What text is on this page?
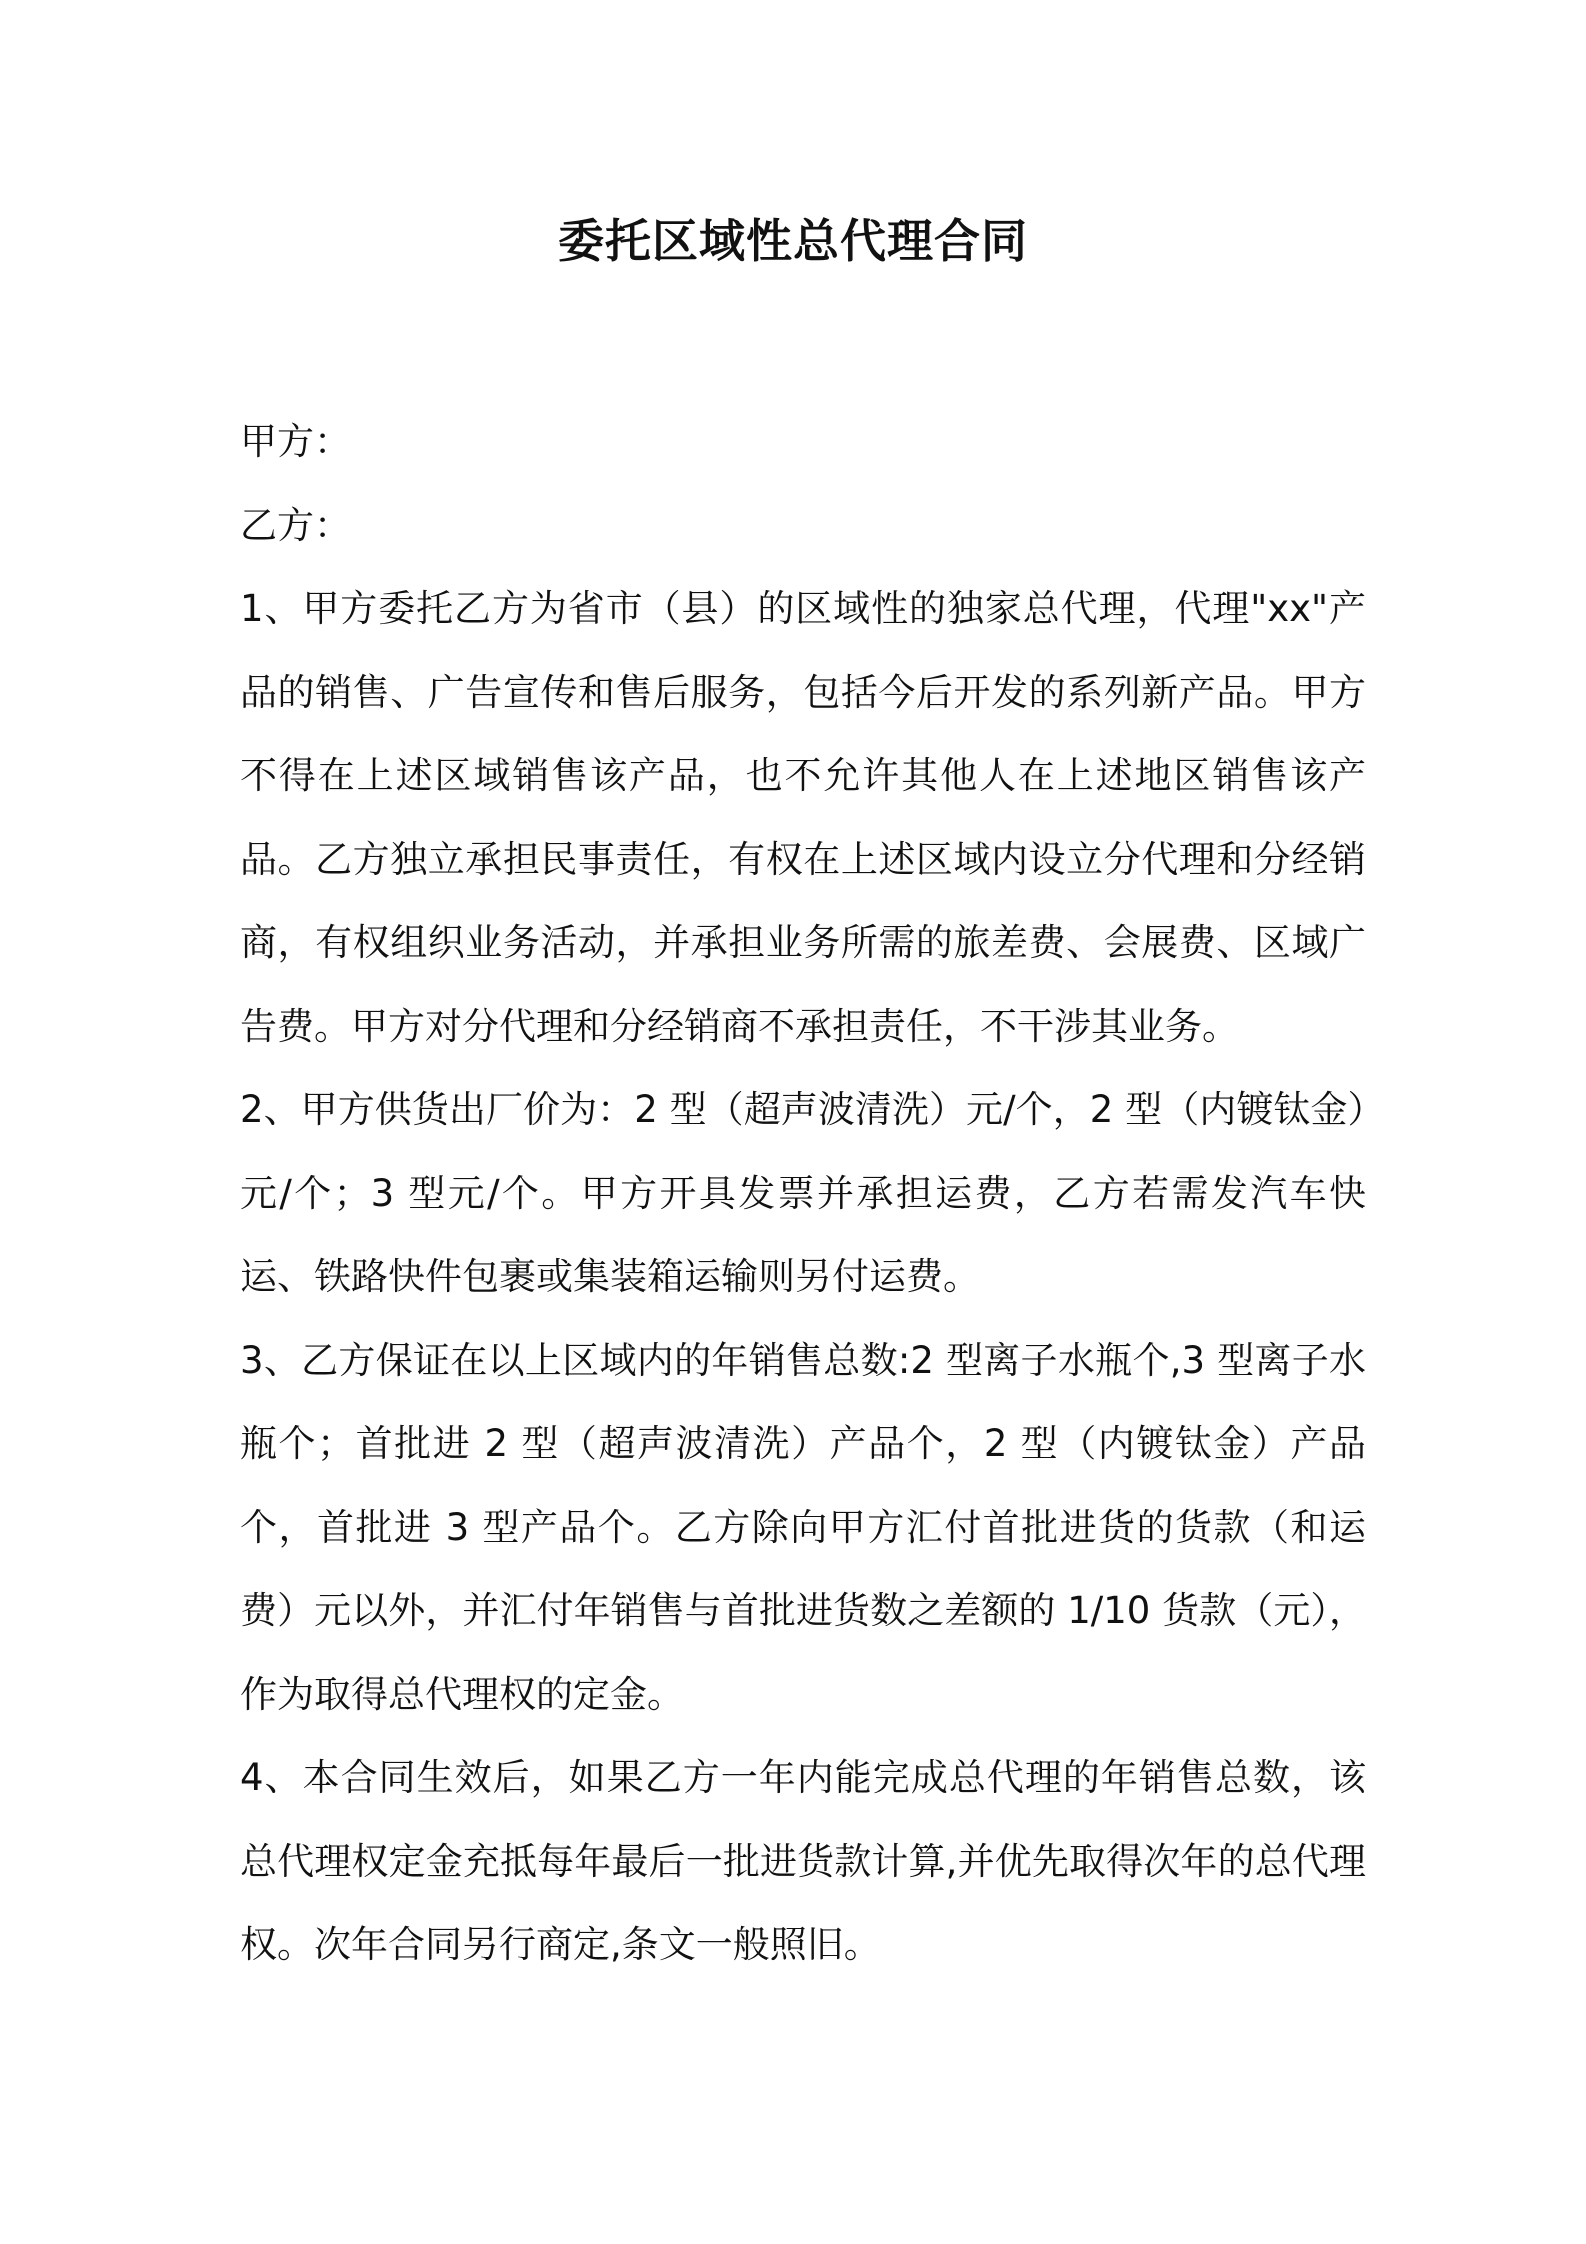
委托区域性总代理合同

甲方：

乙方：

1、甲方委托乙方为省市（县）的区域性的独家总代理，代理"xx"产品的销售、广告宣传和售后服务，包括今后开发的系列新产品。甲方不得在上述区域销售该产品，也不允许其他人在上述地区销售该产品。乙方独立承担民事责任，有权在上述区域内设立分代理和分经销商，有权组织业务活动，并承担业务所需的旅差费、会展费、区域广告费。甲方对分代理和分经销商不承担责任，不干涉其业务。

2、甲方供货出厂价为：2 型（超声波清洗）元/个，2 型（内镀钛金）元/个；3 型元/个。甲方开具发票并承担运费，乙方若需发汽车快运、铁路快件包裹或集装箱运输则另付运费。

3、乙方保证在以上区域内的年销售总数:2 型离子水瓶个,3 型离子水瓶个；首批进 2 型（超声波清洗）产品个，2 型（内镀钛金）产品个，首批进 3 型产品个。乙方除向甲方汇付首批进货的货款（和运费）元以外，并汇付年销售与首批进货数之差额的 1/10 货款（元），作为取得总代理权的定金。

4、本合同生效后，如果乙方一年内能完成总代理的年销售总数，该总代理权定金充抵每年最后一批进货款计算,并优先取得次年的总代理权。次年合同另行商定,条文一般照旧。
